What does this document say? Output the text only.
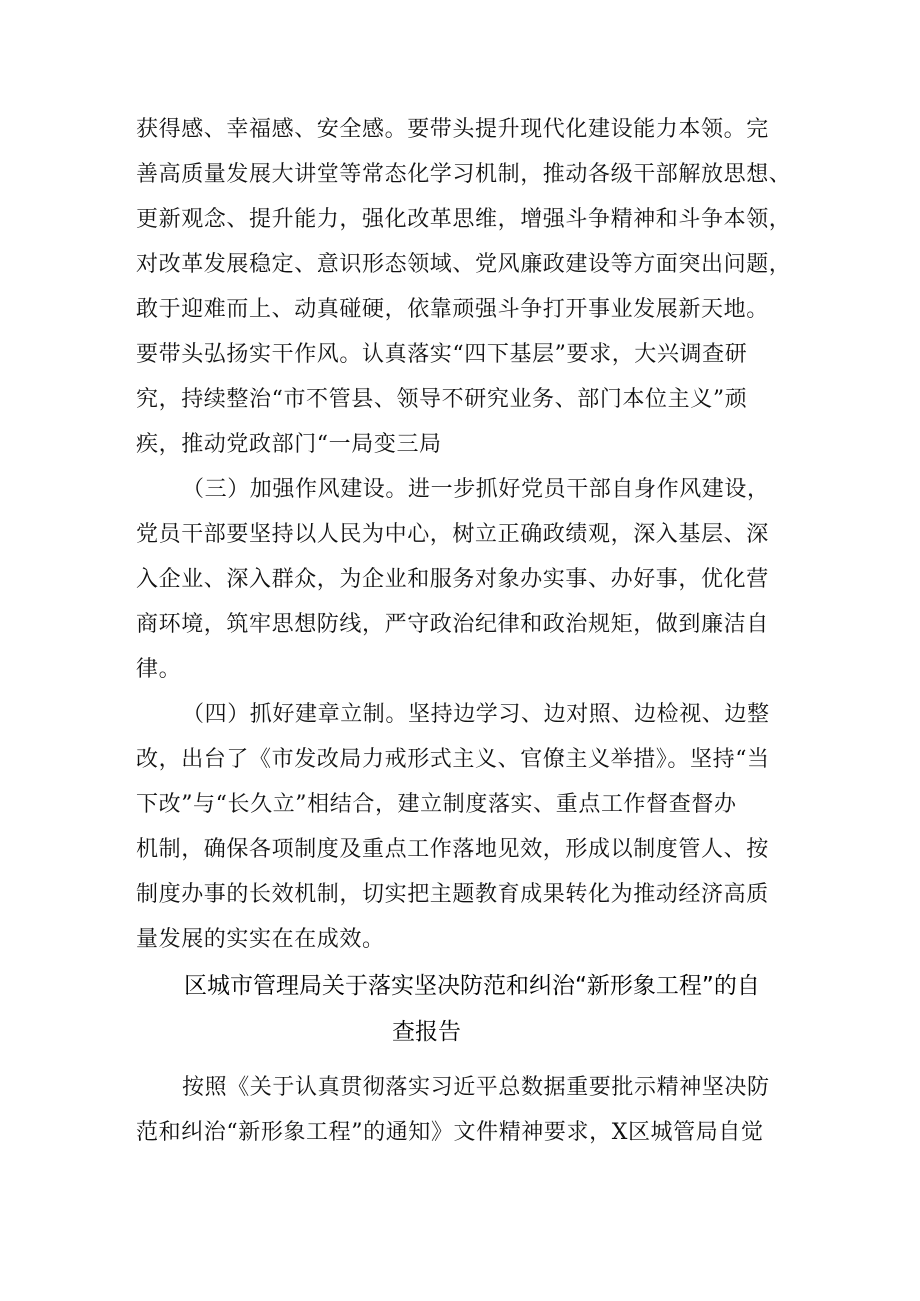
获得感、幸福感、安全感。要带头提升现代化建设能力本领。完
善高质量发展大讲堂等常态化学习机制，推动各级干部解放思想、
更新观念、提升能力，强化改革思维，增强斗争精神和斗争本领，
对改革发展稳定、意识形态领域、党风廉政建设等方面突出问题，
敢于迎难而上、动真碰硬，依靠顽强斗争打开事业发展新天地。
要带头弘扬实干作风。认真落实“四下基层”要求，大兴调查研
究，持续整治“市不管县、领导不研究业务、部门本位主义”顽
疾，推动党政部门“一局变三局
（三）加强作风建设。进一步抓好党员干部自身作风建设，
党员干部要坚持以人民为中心，树立正确政绩观，深入基层、深
入企业、深入群众，为企业和服务对象办实事、办好事，优化营
商环境，筑牢思想防线，严守政治纪律和政治规矩，做到廉洁自
律。
（四）抓好建章立制。坚持边学习、边对照、边检视、边整
改，出台了《市发改局力戒形式主义、官僚主义举措》。坚持“当
下改”与“长久立”相结合，建立制度落实、重点工作督查督办
机制，确保各项制度及重点工作落地见效，形成以制度管人、按
制度办事的长效机制，切实把主题教育成果转化为推动经济高质
量发展的实实在在成效。
区城市管理局关于落实坚决防范和纠治“新形象工程”的自
查报告
按照《关于认真贯彻落实习近平总数据重要批示精神坚决防
范和纠治“新形象工程”的通知》文件精神要求，X区城管局自觉
